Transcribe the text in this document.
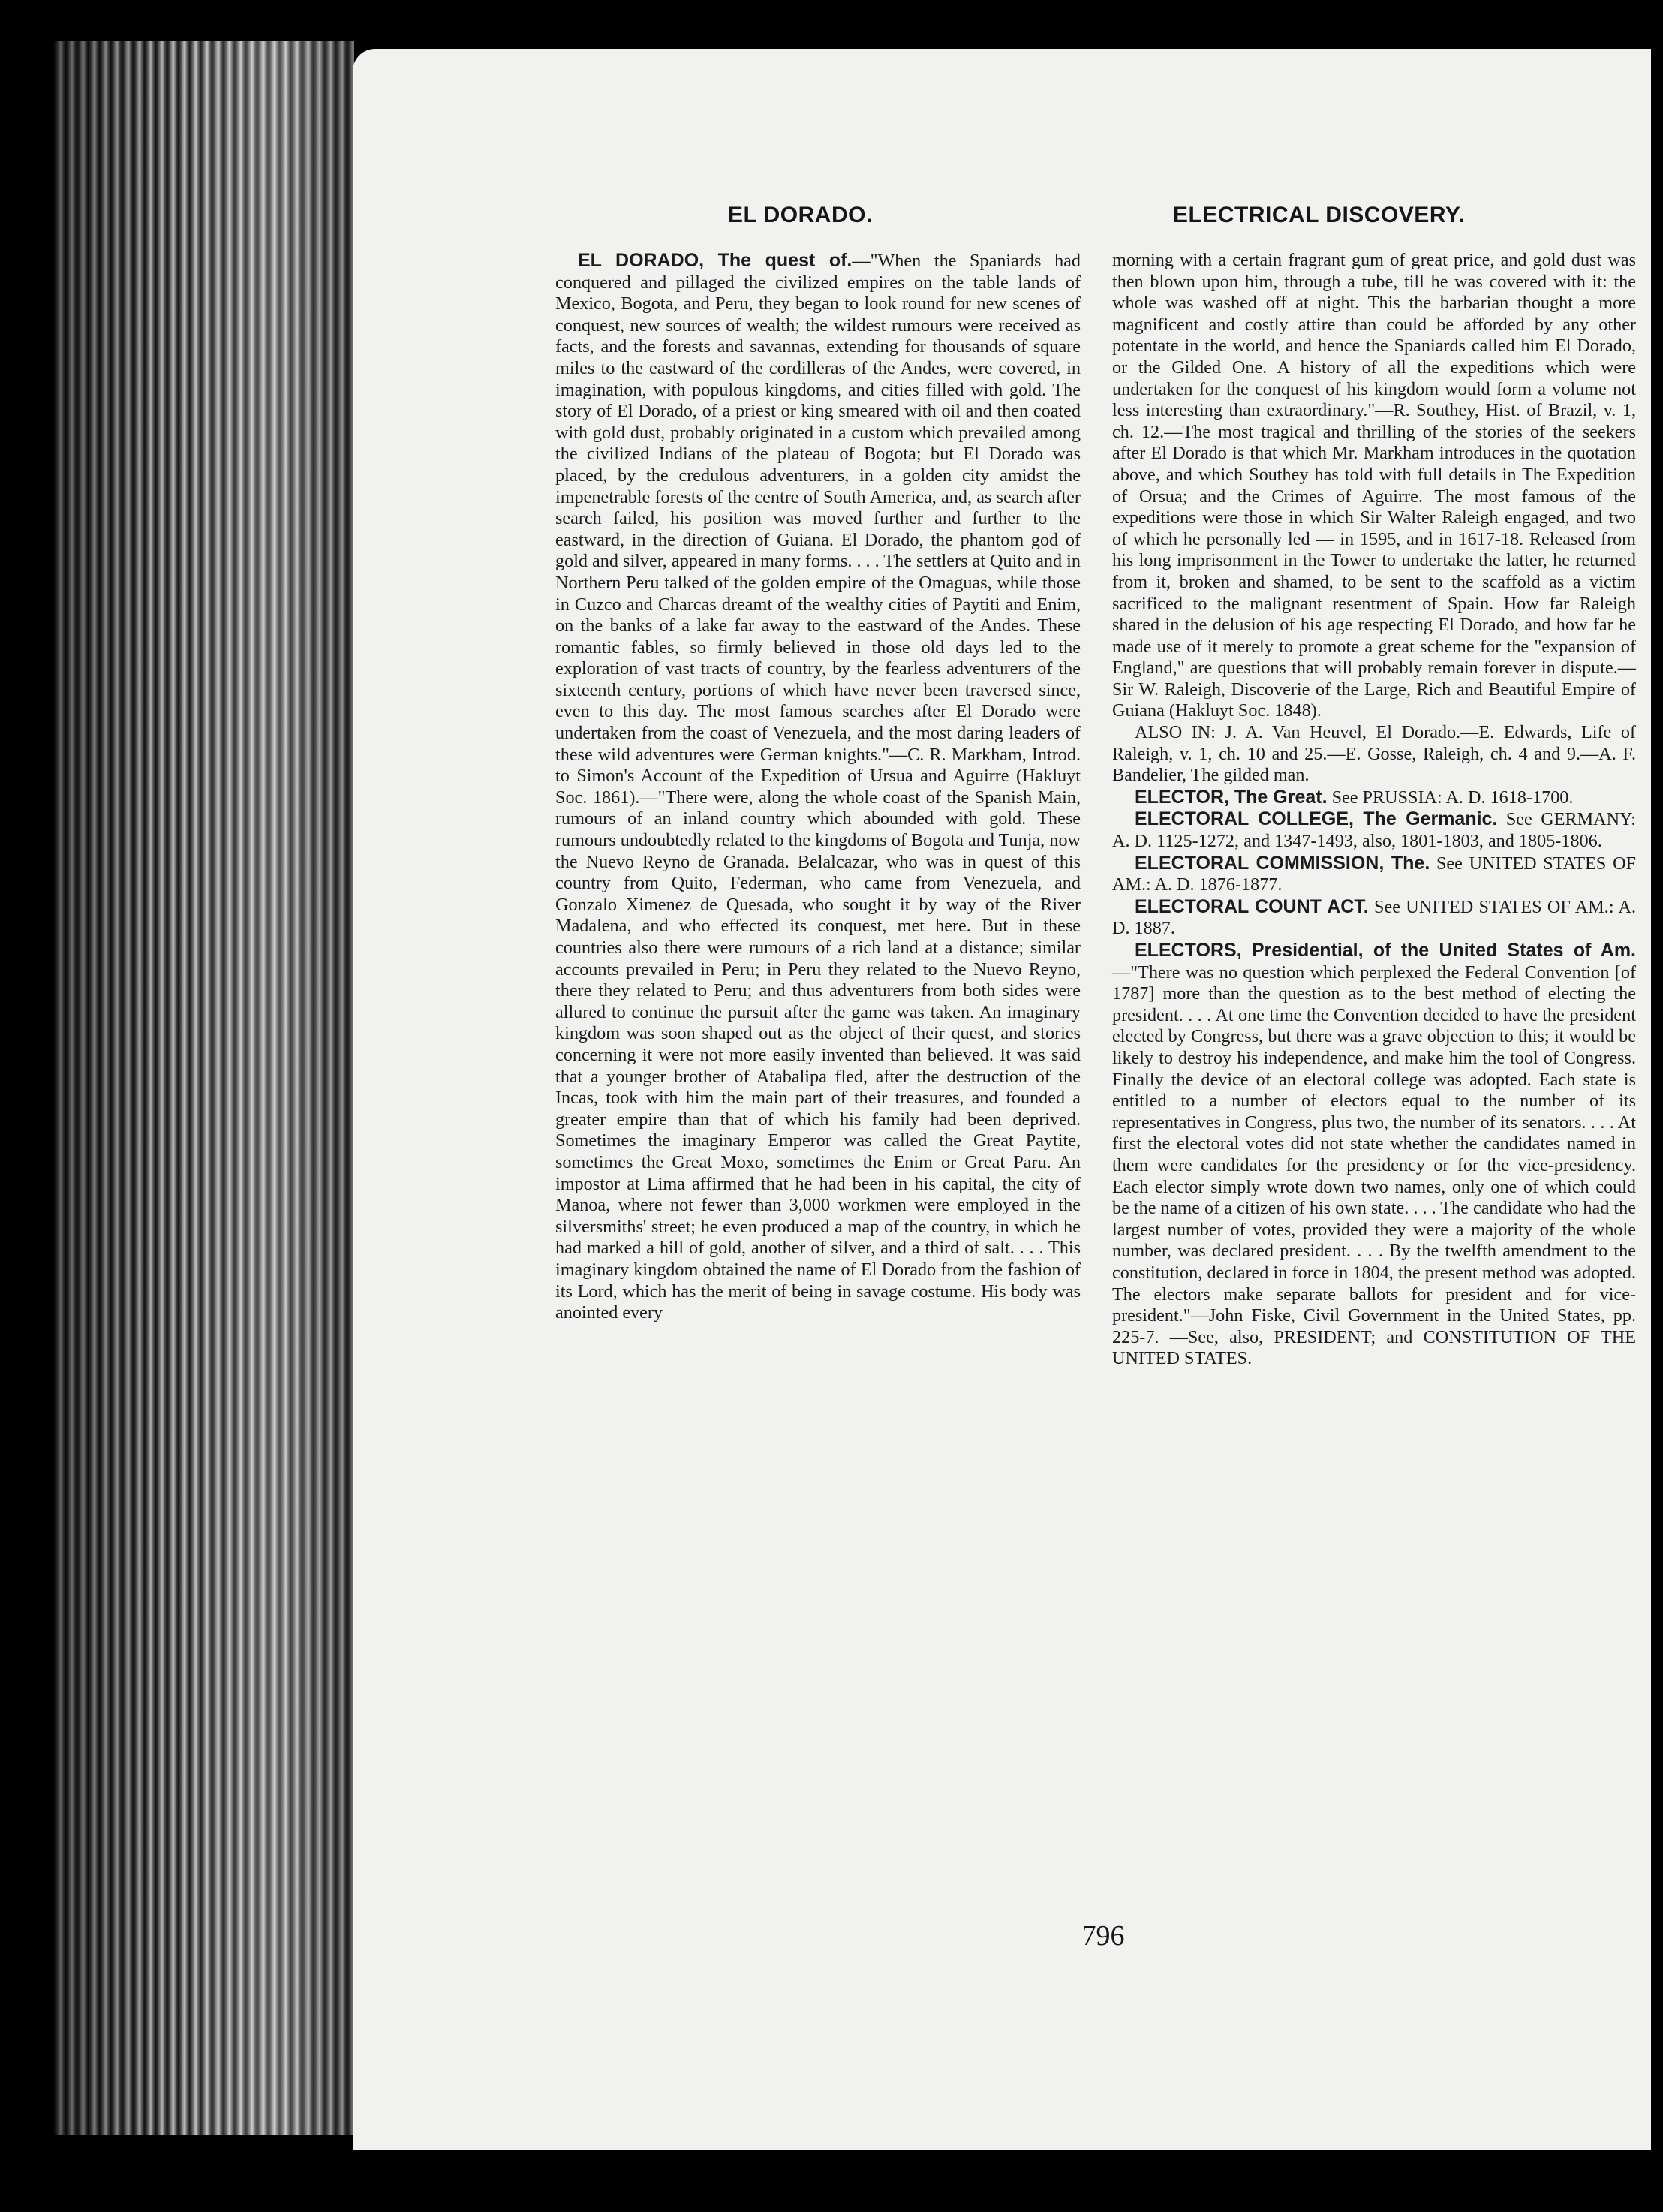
EL DORADO.	ELECTRICAL DISCOVERY.

EL DORADO, The quest of.—"When the Spaniards had conquered and pillaged the civilized empires on the table lands of Mexico, Bogota, and Peru, they began to look round for new scenes of conquest, new sources of wealth; the wildest rumours were received as facts, and the forests and savannas, extending for thousands of square miles to the eastward of the cordilleras of the Andes, were covered, in imagination, with populous kingdoms, and cities filled with gold. The story of El Dorado, of a priest or king smeared with oil and then coated with gold dust, probably originated in a custom which prevailed among the civilized Indians of the plateau of Bogota; but El Dorado was placed, by the credulous adventurers, in a golden city amidst the impenetrable forests of the centre of South America, and, as search after search failed, his position was moved further and further to the eastward, in the direction of Guiana. El Dorado, the phantom god of gold and silver, appeared in many forms. . . . The settlers at Quito and in Northern Peru talked of the golden empire of the Omaguas, while those in Cuzco and Charcas dreamt of the wealthy cities of Paytiti and Enim, on the banks of a lake far away to the eastward of the Andes. These romantic fables, so firmly believed in those old days led to the exploration of vast tracts of country, by the fearless adventurers of the sixteenth century, portions of which have never been traversed since, even to this day. The most famous searches after El Dorado were undertaken from the coast of Venezuela, and the most daring leaders of these wild adventures were German knights."—C. R. Markham, Introd. to Simon's Account of the Expedition of Ursua and Aguirre (Hakluyt Soc. 1861).—"There were, along the whole coast of the Spanish Main, rumours of an inland country which abounded with gold. These rumours undoubtedly related to the kingdoms of Bogota and Tunja, now the Nuevo Reyno de Granada. Belalcazar, who was in quest of this country from Quito, Federman, who came from Venezuela, and Gonzalo Ximenez de Quesada, who sought it by way of the River Madalena, and who effected its conquest, met here. But in these countries also there were rumours of a rich land at a distance; similar accounts prevailed in Peru; in Peru they related to the Nuevo Reyno, there they related to Peru; and thus adventurers from both sides were allured to continue the pursuit after the game was taken. An imaginary kingdom was soon shaped out as the object of their quest, and stories concerning it were not more easily invented than believed. It was said that a younger brother of Atabalipa fled, after the destruction of the Incas, took with him the main part of their treasures, and founded a greater empire than that of which his family had been deprived. Sometimes the imaginary Emperor was called the Great Paytite, sometimes the Great Moxo, sometimes the Enim or Great Paru. An impostor at Lima affirmed that he had been in his capital, the city of Manoa, where not fewer than 3,000 workmen were employed in the silversmiths' street; he even produced a map of the country, in which he had marked a hill of gold, another of silver, and a third of salt. . . . This imaginary kingdom obtained the name of El Dorado from the fashion of its Lord, which has the merit of being in savage costume. His body was anointed every

morning with a certain fragrant gum of great price, and gold dust was then blown upon him, through a tube, till he was covered with it: the whole was washed off at night. This the barbarian thought a more magnificent and costly attire than could be afforded by any other potentate in the world, and hence the Spaniards called him El Dorado, or the Gilded One. A history of all the expeditions which were undertaken for the conquest of his kingdom would form a volume not less interesting than extraordinary."—R. Southey, Hist. of Brazil, v. 1, ch. 12.—The most tragical and thrilling of the stories of the seekers after El Dorado is that which Mr. Markham introduces in the quotation above, and which Southey has told with full details in The Expedition of Orsua; and the Crimes of Aguirre. The most famous of the expeditions were those in which Sir Walter Raleigh engaged, and two of which he personally led — in 1595, and in 1617-18. Released from his long imprisonment in the Tower to undertake the latter, he returned from it, broken and shamed, to be sent to the scaffold as a victim sacrificed to the malignant resentment of Spain. How far Raleigh shared in the delusion of his age respecting El Dorado, and how far he made use of it merely to promote a great scheme for the "expansion of England," are questions that will probably remain forever in dispute.—Sir W. Raleigh, Discoverie of the Large, Rich and Beautiful Empire of Guiana (Hakluyt Soc. 1848).

ALSO IN: J. A. Van Heuvel, El Dorado.—E. Edwards, Life of Raleigh, v. 1, ch. 10 and 25.—E. Gosse, Raleigh, ch. 4 and 9.—A. F. Bandelier, The gilded man.

ELECTOR, The Great. See PRUSSIA: A. D. 1618-1700.

ELECTORAL COLLEGE, The Germanic. See GERMANY: A. D. 1125-1272, and 1347-1493, also, 1801-1803, and 1805-1806.

ELECTORAL COMMISSION, The. See UNITED STATES OF AM.: A. D. 1876-1877.

ELECTORAL COUNT ACT. See UNITED STATES OF AM.: A. D. 1887.

ELECTORS, Presidential, of the United States of Am.—"There was no question which perplexed the Federal Convention [of 1787] more than the question as to the best method of electing the president. . . . At one time the Convention decided to have the president elected by Congress, but there was a grave objection to this; it would be likely to destroy his independence, and make him the tool of Congress. Finally the device of an electoral college was adopted. Each state is entitled to a number of electors equal to the number of its representatives in Congress, plus two, the number of its senators. . . . At first the electoral votes did not state whether the candidates named in them were candidates for the presidency or for the vice-presidency. Each elector simply wrote down two names, only one of which could be the name of a citizen of his own state. . . . The candidate who had the largest number of votes, provided they were a majority of the whole number, was declared president. . . . By the twelfth amendment to the constitution, declared in force in 1804, the present method was adopted. The electors make separate ballots for president and for vice-president."—John Fiske, Civil Government in the United States, pp. 225-7. —See, also, PRESIDENT; and CONSTITUTION OF THE UNITED STATES.

796
